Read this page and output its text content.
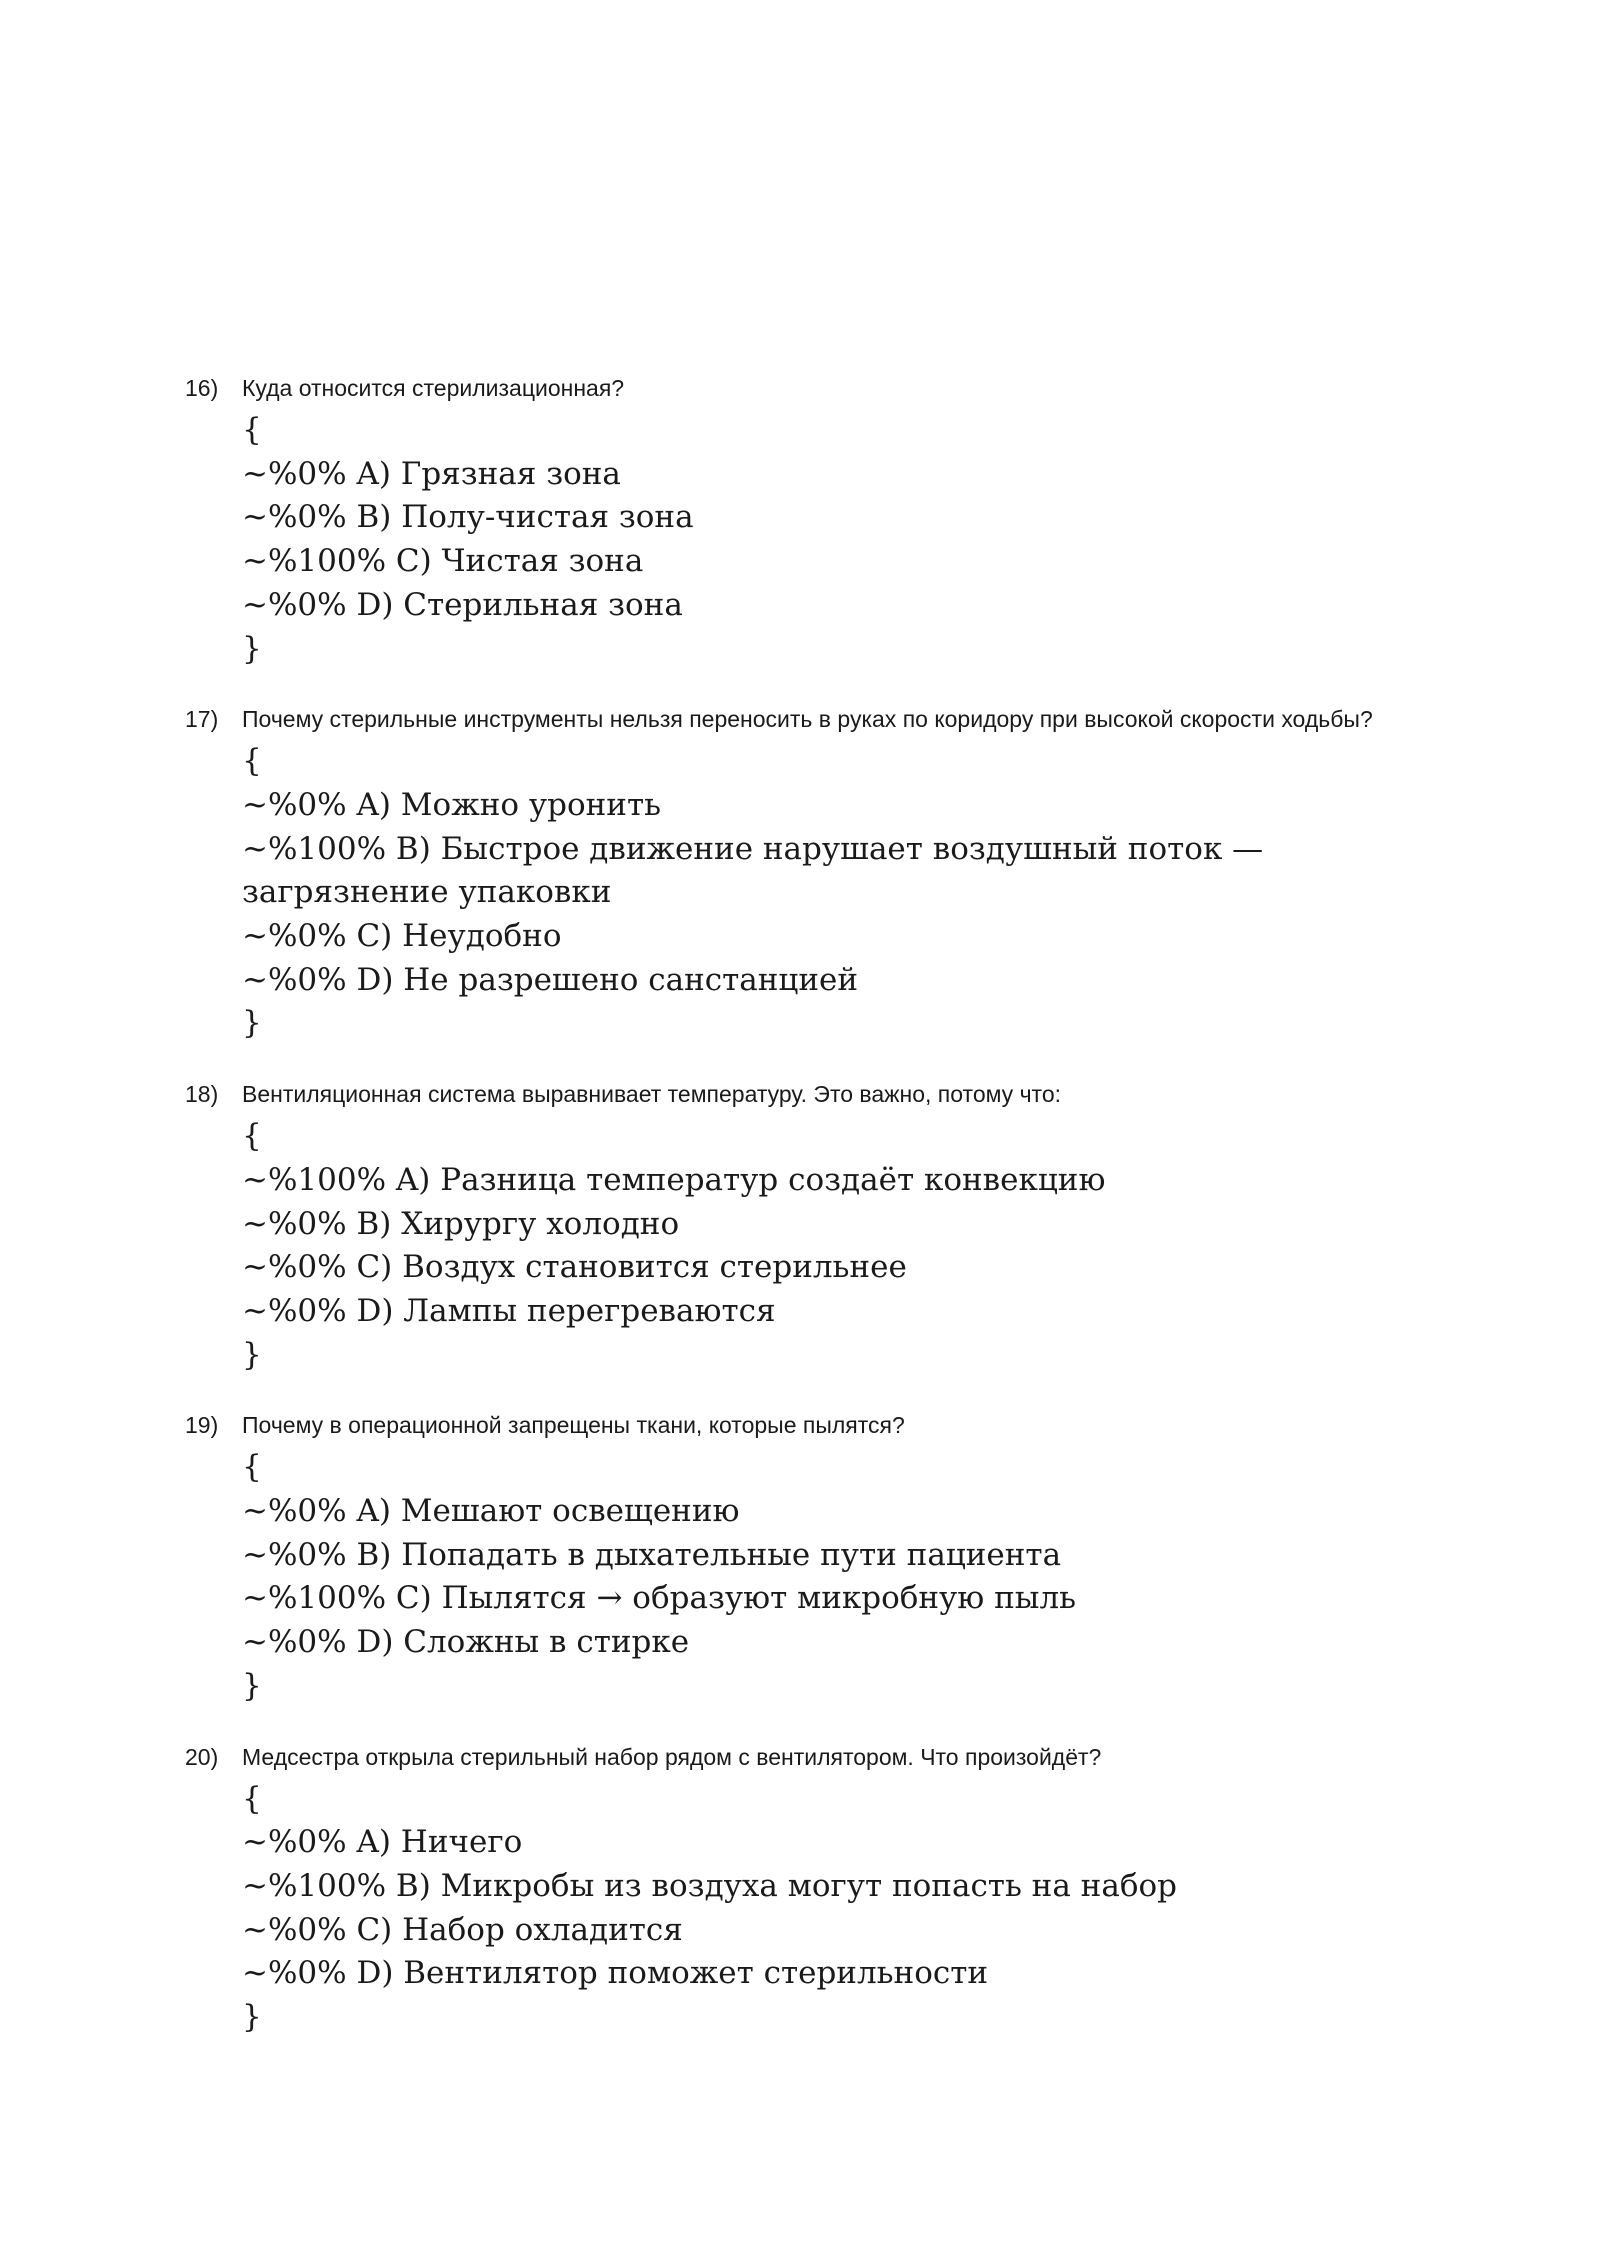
16)	Куда относится стерилизационная?
{
~%0% A) Грязная зона
~%0% B) Полу-чистая зона
~%100% C) Чистая зона
~%0% D) Стерильная зона
}
17)	Почему стерильные инструменты нельзя переносить в руках по коридору при высокой скорости ходьбы?
{
~%0% A) Можно уронить
~%100% B) Быстрое движение нарушает воздушный поток — загрязнение упаковки
~%0% C) Неудобно
~%0% D) Не разрешено санстанцией
}
18)	Вентиляционная система выравнивает температуру. Это важно, потому что:
{
~%100% A) Разница температур создаёт конвекцию
~%0% B) Хирургу холодно
~%0% C) Воздух становится стерильнее
~%0% D) Лампы перегреваются
}
19)	Почему в операционной запрещены ткани, которые пылятся?
{
~%0% A) Мешают освещению
~%0% B) Попадать в дыхательные пути пациента
~%100% C) Пылятся → образуют микробную пыль
~%0% D) Сложны в стирке
}
20)	Медсестра открыла стерильный набор рядом с вентилятором. Что произойдёт?
{
~%0% A) Ничего
~%100% B) Микробы из воздуха могут попасть на набор
~%0% C) Набор охладится
~%0% D) Вентилятор поможет стерильности
}
